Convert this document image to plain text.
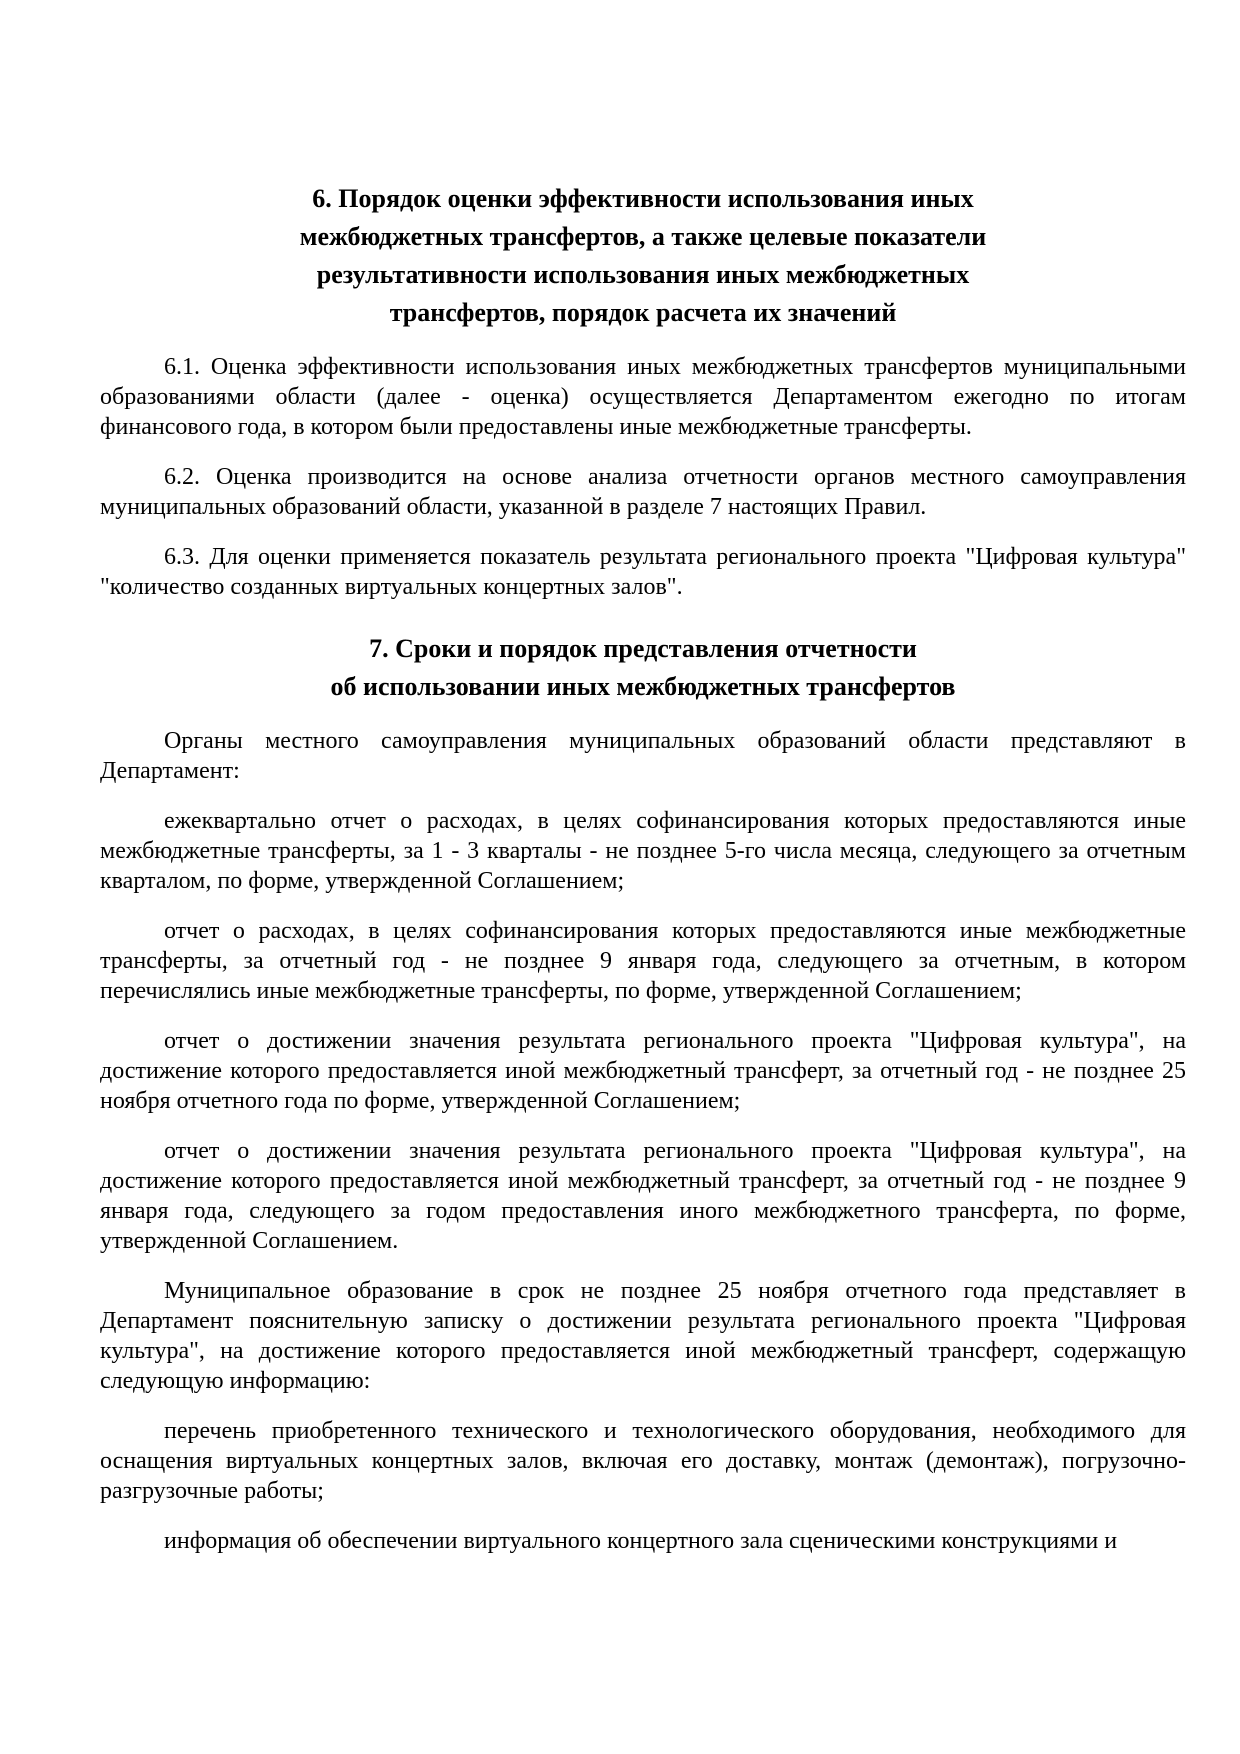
6. Порядок оценки эффективности использования иных
межбюджетных трансфертов, а также целевые показатели
результативности использования иных межбюджетных
трансфертов, порядок расчета их значений

6.1. Оценка эффективности использования иных межбюджетных трансфертов муниципальными образованиями области (далее - оценка) осуществляется Департаментом ежегодно по итогам финансового года, в котором были предоставлены иные межбюджетные трансферты.

6.2. Оценка производится на основе анализа отчетности органов местного самоуправления муниципальных образований области, указанной в разделе 7 настоящих Правил.

6.3. Для оценки применяется показатель результата регионального проекта "Цифровая культура" "количество созданных виртуальных концертных залов".

7. Сроки и порядок представления отчетности
об использовании иных межбюджетных трансфертов

Органы местного самоуправления муниципальных образований области представляют в Департамент:

ежеквартально отчет о расходах, в целях софинансирования которых предоставляются иные межбюджетные трансферты, за 1 - 3 кварталы - не позднее 5-го числа месяца, следующего за отчетным кварталом, по форме, утвержденной Соглашением;

отчет о расходах, в целях софинансирования которых предоставляются иные межбюджетные трансферты, за отчетный год - не позднее 9 января года, следующего за отчетным, в котором перечислялись иные межбюджетные трансферты, по форме, утвержденной Соглашением;

отчет о достижении значения результата регионального проекта "Цифровая культура", на достижение которого предоставляется иной межбюджетный трансферт, за отчетный год - не позднее 25 ноября отчетного года по форме, утвержденной Соглашением;

отчет о достижении значения результата регионального проекта "Цифровая культура", на достижение которого предоставляется иной межбюджетный трансферт, за отчетный год - не позднее 9 января года, следующего за годом предоставления иного межбюджетного трансферта, по форме, утвержденной Соглашением.

Муниципальное образование в срок не позднее 25 ноября отчетного года представляет в Департамент пояснительную записку о достижении результата регионального проекта "Цифровая культура", на достижение которого предоставляется иной межбюджетный трансферт, содержащую следующую информацию:

перечень приобретенного технического и технологического оборудования, необходимого для оснащения виртуальных концертных залов, включая его доставку, монтаж (демонтаж), погрузочно-разгрузочные работы;

информация об обеспечении виртуального концертного зала сценическими конструкциями и
